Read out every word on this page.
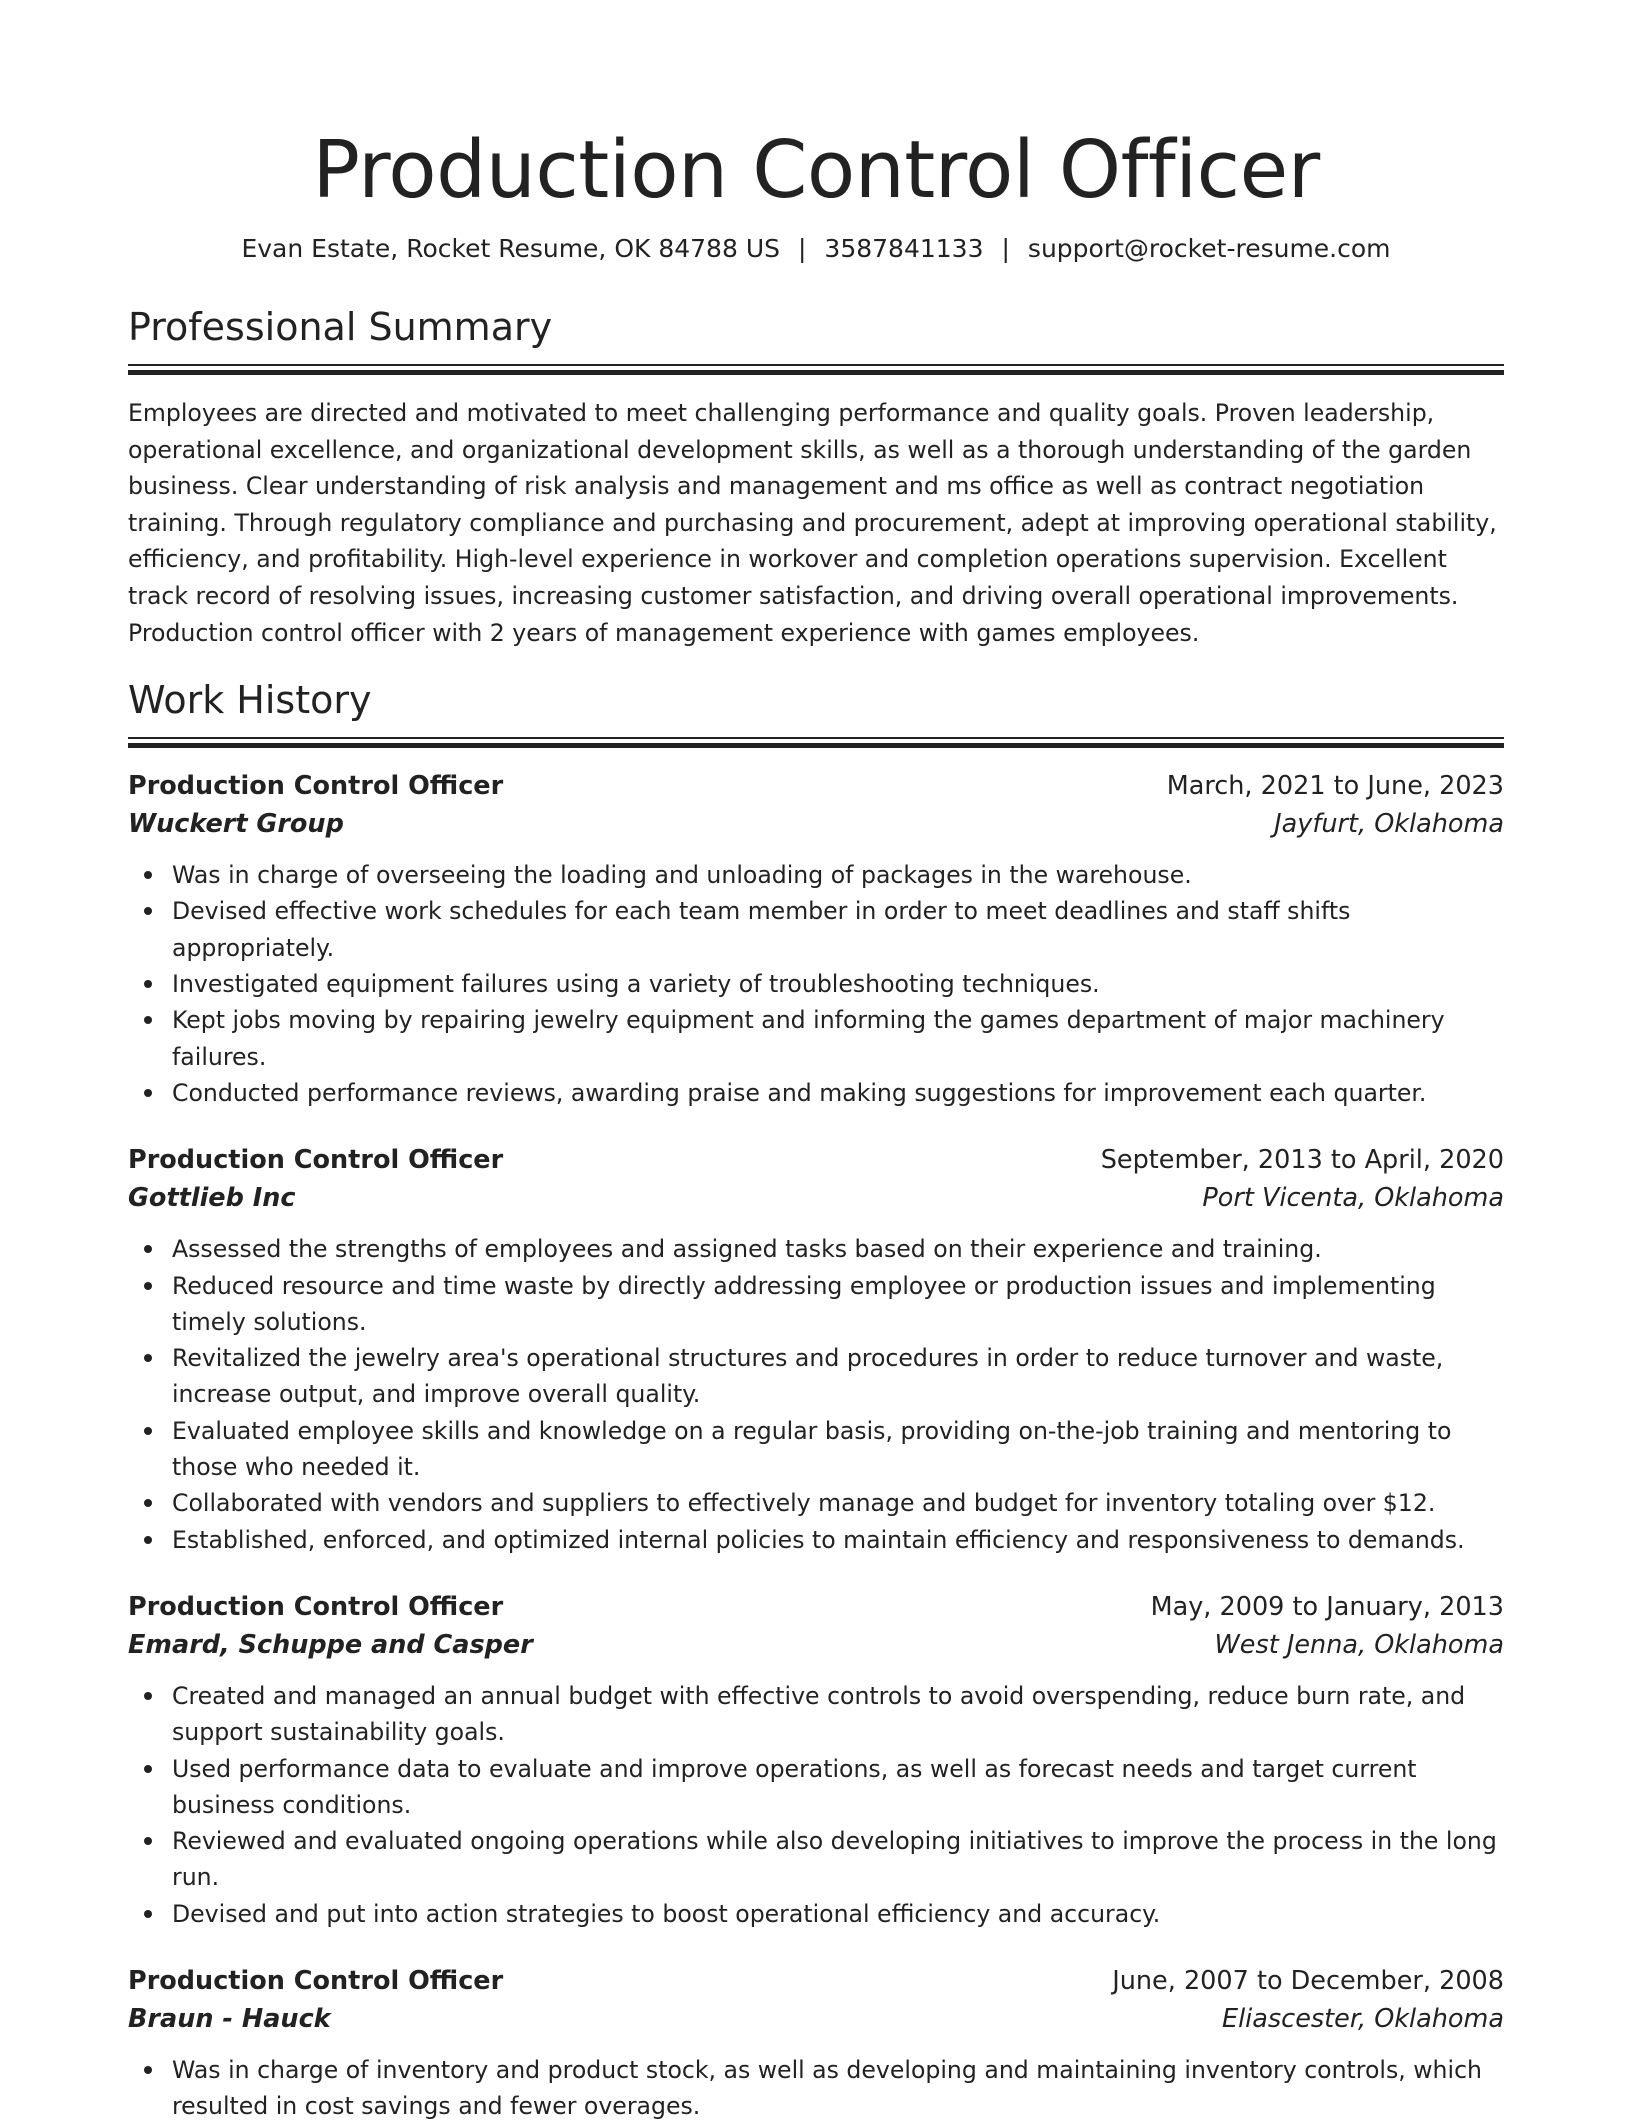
Production Control Officer
Evan Estate, Rocket Resume, OK 84788 US | 3587841133 | support@rocket-resume.com
Professional Summary
Employees are directed and motivated to meet challenging performance and quality goals. Proven leadership, operational excellence, and organizational development skills, as well as a thorough understanding of the garden business. Clear understanding of risk analysis and management and ms office as well as contract negotiation training. Through regulatory compliance and purchasing and procurement, adept at improving operational stability, efficiency, and profitability. High-level experience in workover and completion operations supervision. Excellent track record of resolving issues, increasing customer satisfaction, and driving overall operational improvements. Production control officer with 2 years of management experience with games employees.
Work History
Production Control Officer	March, 2021 to June, 2023
Wuckert Group	Jayfurt, Oklahoma
Was in charge of overseeing the loading and unloading of packages in the warehouse.
Devised effective work schedules for each team member in order to meet deadlines and staff shifts appropriately.
Investigated equipment failures using a variety of troubleshooting techniques.
Kept jobs moving by repairing jewelry equipment and informing the games department of major machinery failures.
Conducted performance reviews, awarding praise and making suggestions for improvement each quarter.
Production Control Officer	September, 2013 to April, 2020
Gottlieb Inc	Port Vicenta, Oklahoma
Assessed the strengths of employees and assigned tasks based on their experience and training.
Reduced resource and time waste by directly addressing employee or production issues and implementing timely solutions.
Revitalized the jewelry area's operational structures and procedures in order to reduce turnover and waste, increase output, and improve overall quality.
Evaluated employee skills and knowledge on a regular basis, providing on-the-job training and mentoring to those who needed it.
Collaborated with vendors and suppliers to effectively manage and budget for inventory totaling over $12.
Established, enforced, and optimized internal policies to maintain efficiency and responsiveness to demands.
Production Control Officer	May, 2009 to January, 2013
Emard, Schuppe and Casper	West Jenna, Oklahoma
Created and managed an annual budget with effective controls to avoid overspending, reduce burn rate, and support sustainability goals.
Used performance data to evaluate and improve operations, as well as forecast needs and target current business conditions.
Reviewed and evaluated ongoing operations while also developing initiatives to improve the process in the long run.
Devised and put into action strategies to boost operational efficiency and accuracy.
Production Control Officer	June, 2007 to December, 2008
Braun - Hauck	Eliascester, Oklahoma
Was in charge of inventory and product stock, as well as developing and maintaining inventory controls, which resulted in cost savings and fewer overages.
